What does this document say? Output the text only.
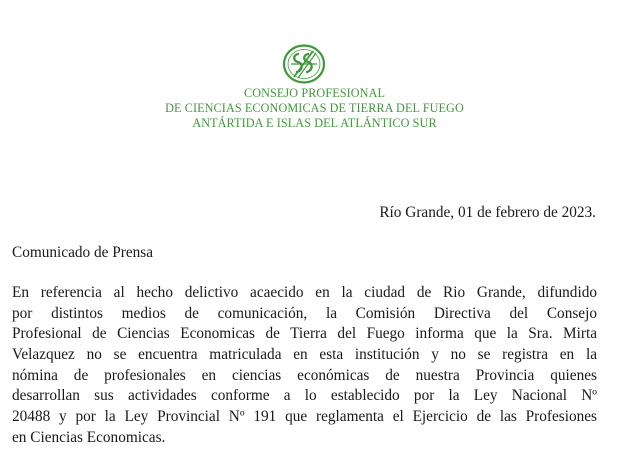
CONSEJO PROFESIONAL
DE CIENCIAS ECONOMICAS DE TIERRA DEL FUEGO
ANTÁRTIDA E ISLAS DEL ATLÁNTICO SUR
Río Grande, 01 de febrero de 2023.
Comunicado de Prensa
En referencia al hecho delictivo acaecido en la ciudad de Rio Grande, difundido
por distintos medios de comunicación, la Comisión Directiva del Consejo
Profesional de Ciencias Economicas de Tierra del Fuego informa que la Sra. Mirta
Velazquez no se encuentra matriculada en esta institución y no se registra en la
nómina de profesionales en ciencias económicas de nuestra Provincia quienes
desarrollan sus actividades conforme a lo establecido por la Ley Nacional Nº
20488 y por la Ley Provincial Nº 191 que reglamenta el Ejercicio de las Profesiones
en Ciencias Economicas.
